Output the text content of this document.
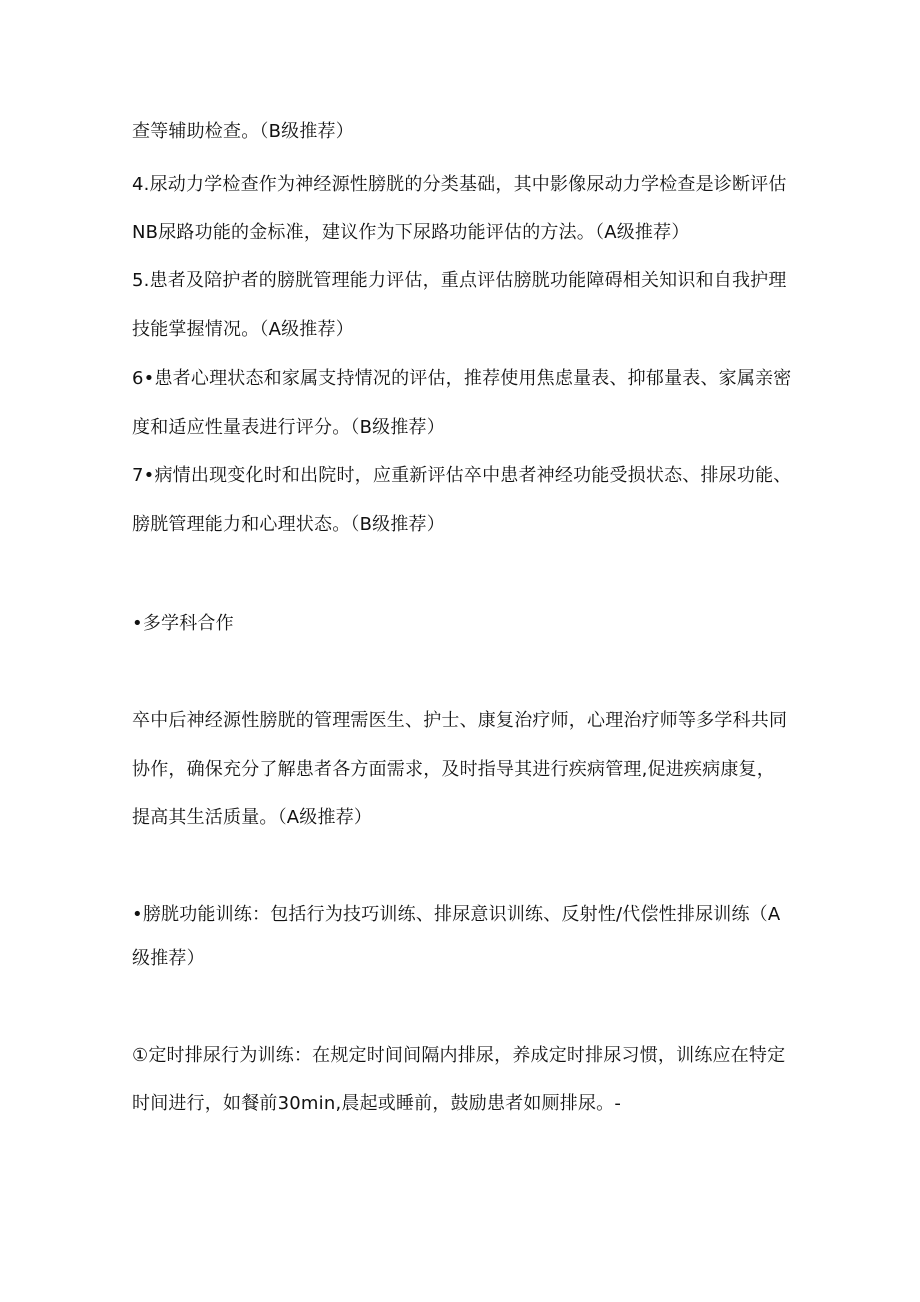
查等辅助检查。（B级推荐）
4.尿动力学检查作为神经源性膀胱的分类基础，其中影像尿动力学检查是诊断评估
NB尿路功能的金标准，建议作为下尿路功能评估的方法。（A级推荐）
5.患者及陪护者的膀胱管理能力评估，重点评估膀胱功能障碍相关知识和自我护理
技能掌握情况。（A级推荐）
6•患者心理状态和家属支持情况的评估，推荐使用焦虑量表、抑郁量表、家属亲密
度和适应性量表进行评分。（B级推荐）
7•病情出现变化时和出院时，应重新评估卒中患者神经功能受损状态、排尿功能、
膀胱管理能力和心理状态。（B级推荐）
•多学科合作
卒中后神经源性膀胱的管理需医生、护士、康复治疗师，心理治疗师等多学科共同
协作，确保充分了解患者各方面需求，及时指导其进行疾病管理,促进疾病康复，
提高其生活质量。（A级推荐）
•膀胱功能训练：包括行为技巧训练、排尿意识训练、反射性/代偿性排尿训练（A
级推荐）
①定时排尿行为训练：在规定时间间隔内排尿，养成定时排尿习惯，训练应在特定
时间进行，如餐前30min,晨起或睡前，鼓励患者如厕排尿。-
